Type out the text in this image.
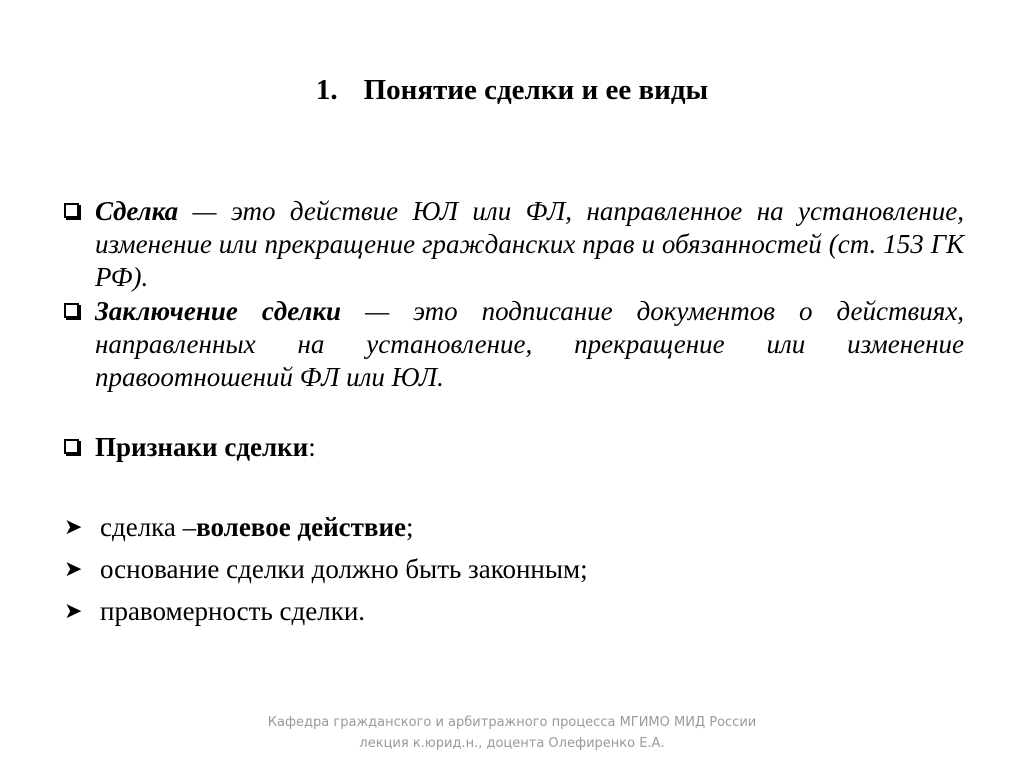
1. Понятие сделки и ее виды
Сделка — это действие ЮЛ или ФЛ, направленное на установление, изменение или прекращение гражданских прав и обязанностей (ст. 153 ГК РФ).
Заключение сделки — это подписание документов о действиях, направленных на установление, прекращение или изменение правоотношений ФЛ или ЮЛ.
Признаки сделки:
➤ сделка – волевое действие ;
➤ основание сделки должно быть законным;
➤ правомерность сделки.
Кафедра гражданского и арбитражного процесса МГИМО МИД России
лекция к.юрид.н., доцента Олефиренко Е.А.
